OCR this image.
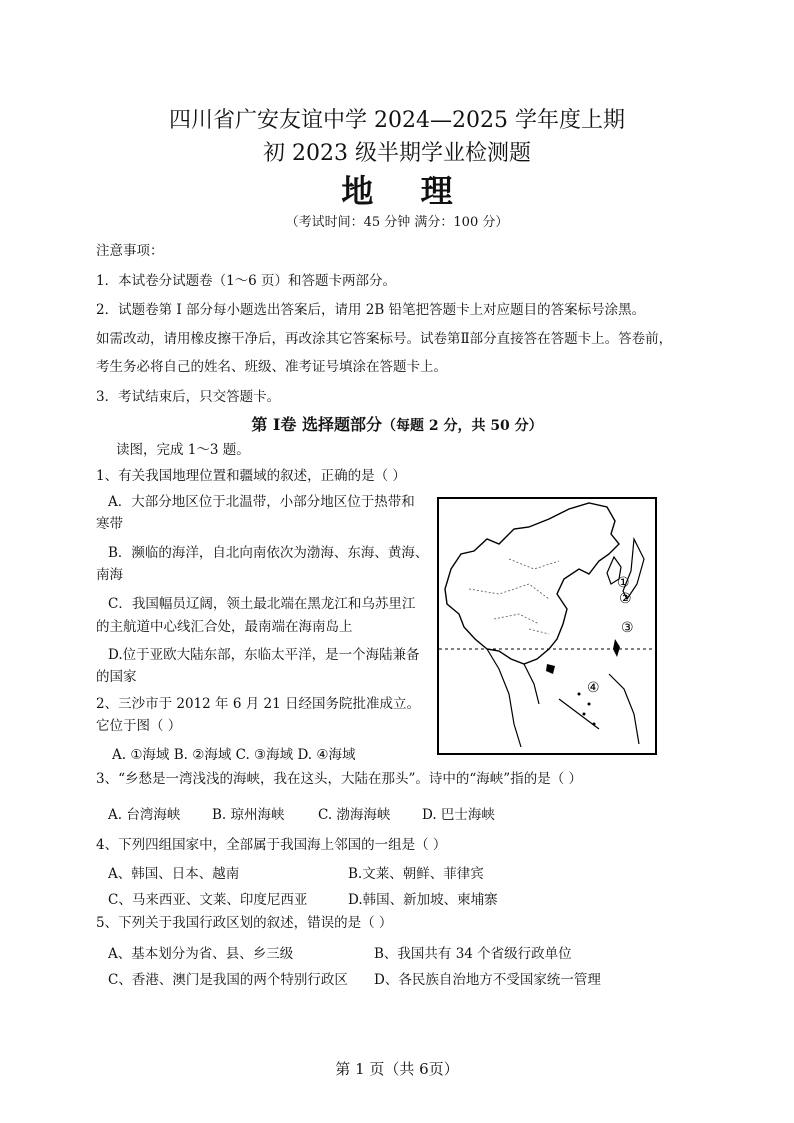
四川省广安友谊中学 2024—2025 学年度上期
初 2023 级半期学业检测题
地 理
（考试时间：45 分钟 满分：100 分）
注意事项：
1．本试卷分试题卷（1～6 页）和答题卡两部分。
2．试题卷第 Ⅰ 部分每小题选出答案后，请用 2B 铅笔把答题卡上对应题目的答案标号涂黑。
如需改动，请用橡皮擦干净后，再改涂其它答案标号。试卷第Ⅱ部分直接答在答题卡上。答卷前，
考生务必将自己的姓名、班级、准考证号填涂在答题卡上。
3．考试结束后，只交答题卡。
第 Ⅰ卷 选择题部分（每题 2 分，共 50 分）
读图，完成 1～3 题。
1、有关我国地理位置和疆域的叙述，正确的是（ ）
A．大部分地区位于北温带，小部分地区位于热带和
寒带
B．濒临的海洋，自北向南依次为渤海、东海、黄海、
南海
C．我国幅员辽阔，领土最北端在黑龙江和乌苏里江
的主航道中心线汇合处，最南端在海南岛上
D.位于亚欧大陆东部，东临太平洋，是一个海陆兼备
的国家
2、三沙市于 2012 年 6 月 21 日经国务院批准成立。
它位于图（ ）
A. ①海域 B. ②海域 C. ③海域 D. ④海域
①
②
③
④
3、“乡愁是一湾浅浅的海峡，我在这头，大陆在那头”。诗中的“海峡”指的是（ ）
A. 台湾海峡 B. 琼州海峡 C. 渤海海峡 D. 巴士海峡
4、下列四组国家中，全部属于我国海上邻国的一组是（ ）
A、韩国、日本、越南	B.文莱、朝鲜、菲律宾
C、马来西亚、文莱、印度尼西亚	D.韩国、新加坡、柬埔寨
5、下列关于我国行政区划的叙述，错误的是（ ）
A、基本划分为省、县、乡三级	B、我国共有 34 个省级行政单位
C、香港、澳门是我国的两个特别行政区 D、各民族自治地方不受国家统一管理
第 1 页（共 6页）
